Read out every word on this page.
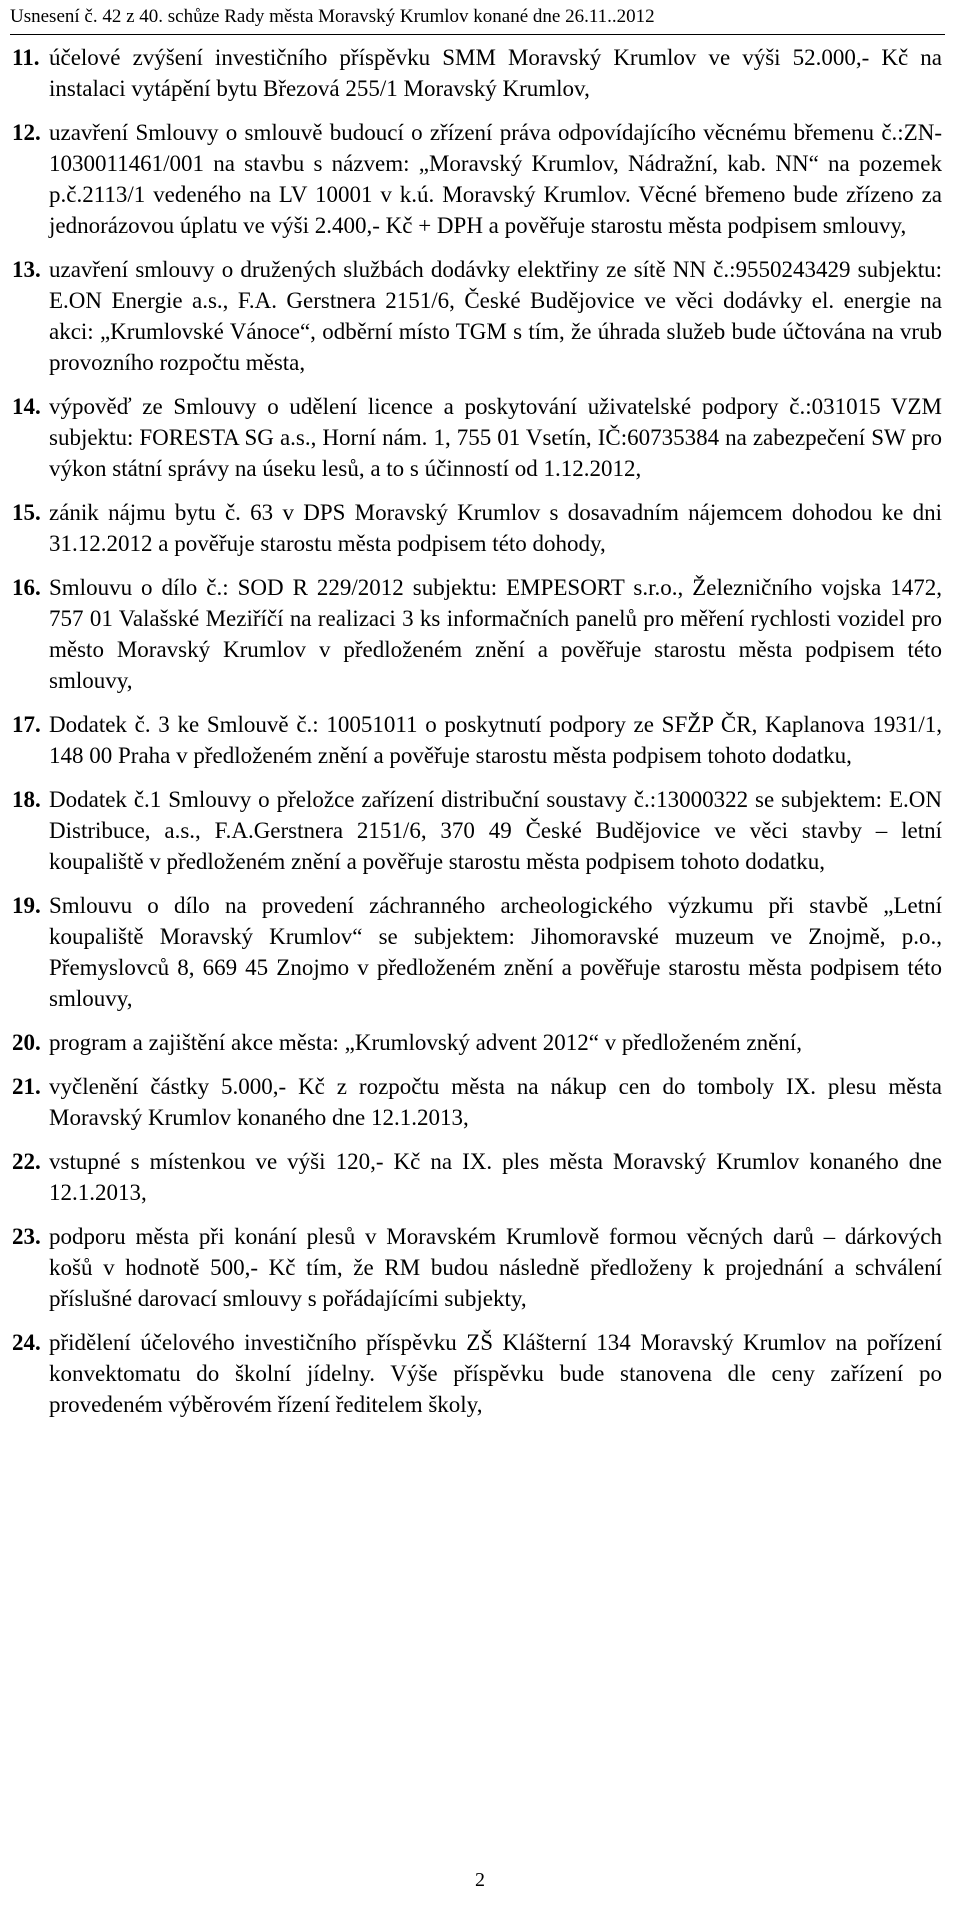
Usnesení č. 42 z 40. schůze Rady města Moravský Krumlov konané dne 26.11..2012
11. účelové zvýšení investičního příspěvku SMM Moravský Krumlov ve výši 52.000,- Kč na instalaci vytápění bytu Březová 255/1 Moravský Krumlov,
12. uzavření Smlouvy o smlouvě budoucí o zřízení práva odpovídajícího věcnému břemenu č.:ZN-1030011461/001 na stavbu s názvem: „Moravský Krumlov, Nádražní, kab. NN“ na pozemek p.č.2113/1 vedeného na LV 10001 v k.ú. Moravský Krumlov. Věcné břemeno bude zřízeno za jednorázovou úplatu ve výši 2.400,- Kč + DPH a pověřuje starostu města podpisem smlouvy,
13. uzavření smlouvy o družených službách dodávky elektřiny ze sítě NN č.:9550243429 subjektu: E.ON Energie a.s., F.A. Gerstnera 2151/6, České Budějovice ve věci dodávky el. energie na akci: „Krumlovské Vánoce“, odběrní místo TGM s tím, že úhrada služeb bude účtována na vrub provozního rozpočtu města,
14. výpověď ze Smlouvy o udělení licence a poskytování uživatelské podpory č.:031015 VZM subjektu: FORESTA SG a.s., Horní nám. 1, 755 01 Vsetín, IČ:60735384 na zabezpečení SW pro výkon státní správy na úseku lesů, a to s účinností od 1.12.2012,
15. zánik nájmu bytu č. 63 v DPS Moravský Krumlov s dosavadním nájemcem dohodou ke dni 31.12.2012 a pověřuje starostu města podpisem této dohody,
16. Smlouvu o dílo č.: SOD R 229/2012 subjektu: EMPESORT s.r.o., Železničního vojska 1472, 757 01 Valašské Meziříčí na realizaci 3 ks informačních panelů pro měření rychlosti vozidel pro město Moravský Krumlov v předloženém znění a pověřuje starostu města podpisem této smlouvy,
17. Dodatek č. 3 ke Smlouvě č.: 10051011 o poskytnutí podpory ze SFŽP ČR, Kaplanova 1931/1, 148 00 Praha v předloženém znění a pověřuje starostu města podpisem tohoto dodatku,
18. Dodatek č.1 Smlouvy o přeložce zařízení distribuční soustavy č.:13000322 se subjektem: E.ON Distribuce, a.s., F.A.Gerstnera 2151/6, 370 49 České Budějovice ve věci stavby – letní koupaliště v předloženém znění a pověřuje starostu města podpisem tohoto dodatku,
19. Smlouvu o dílo na provedení záchranného archeologického výzkumu při stavbě „Letní koupaliště Moravský Krumlov“ se subjektem: Jihomoravské muzeum ve Znojmě, p.o., Přemyslovců 8, 669 45 Znojmo v předloženém znění a pověřuje starostu města podpisem této smlouvy,
20. program a zajištění akce města: „Krumlovský advent 2012“ v předloženém znění,
21. vyčlenění částky 5.000,- Kč z rozpočtu města na nákup cen do tomboly IX. plesu města Moravský Krumlov konaného dne 12.1.2013,
22. vstupné s místenkou ve výši 120,- Kč na IX. ples města Moravský Krumlov konaného dne 12.1.2013,
23. podporu města při konání plesů v Moravském Krumlově formou věcných darů – dárkových košů v hodnotě 500,- Kč tím, že RM budou následně předloženy k projednání a schválení příslušné darovací smlouvy s pořádajícími subjekty,
24. přidělení účelového investičního příspěvku ZŠ Klášterní 134 Moravský Krumlov na pořízení konvektomatu do školní jídelny. Výše příspěvku bude stanovena dle ceny zařízení po provedeném výběrovém řízení ředitelem školy,
2
